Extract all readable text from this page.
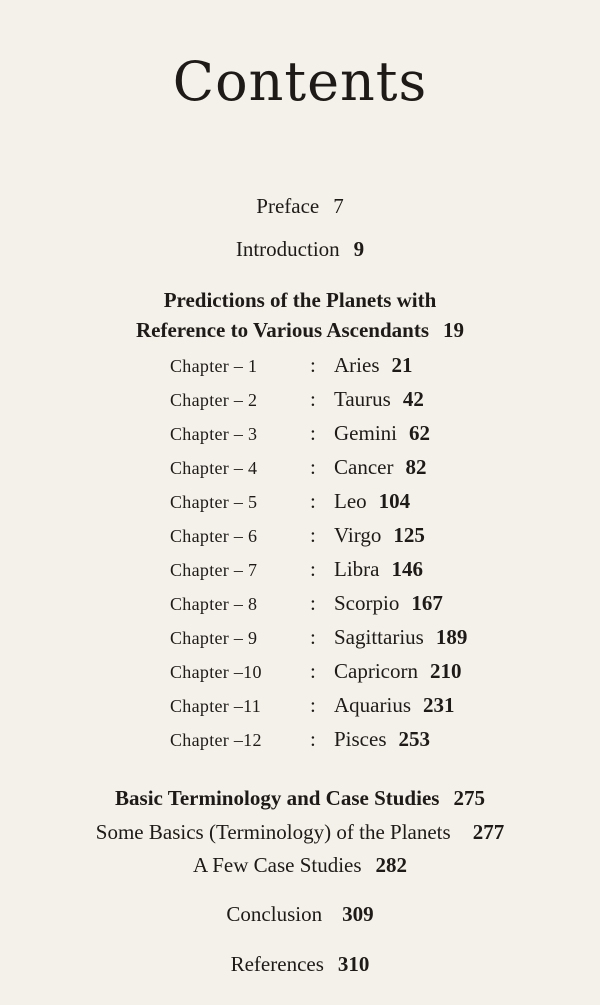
Contents
Preface 7
Introduction 9
Predictions of the Planets with
Reference to Various Ascendants 19
Chapter – 1	: Aries 21
Chapter – 2	: Taurus 42
Chapter – 3	: Gemini 62
Chapter – 4	: Cancer 82
Chapter – 5	: Leo 104
Chapter – 6	: Virgo 125
Chapter – 7	: Libra 146
Chapter – 8	: Scorpio 167
Chapter – 9	: Sagittarius 189
Chapter –10 : Capricorn 210
Chapter –11 : Aquarius 231
Chapter –12 : Pisces 253
Basic Terminology and Case Studies 275
Some Basics (Terminology) of the Planets 277
A Few Case Studies 282
Conclusion 309
References 310
